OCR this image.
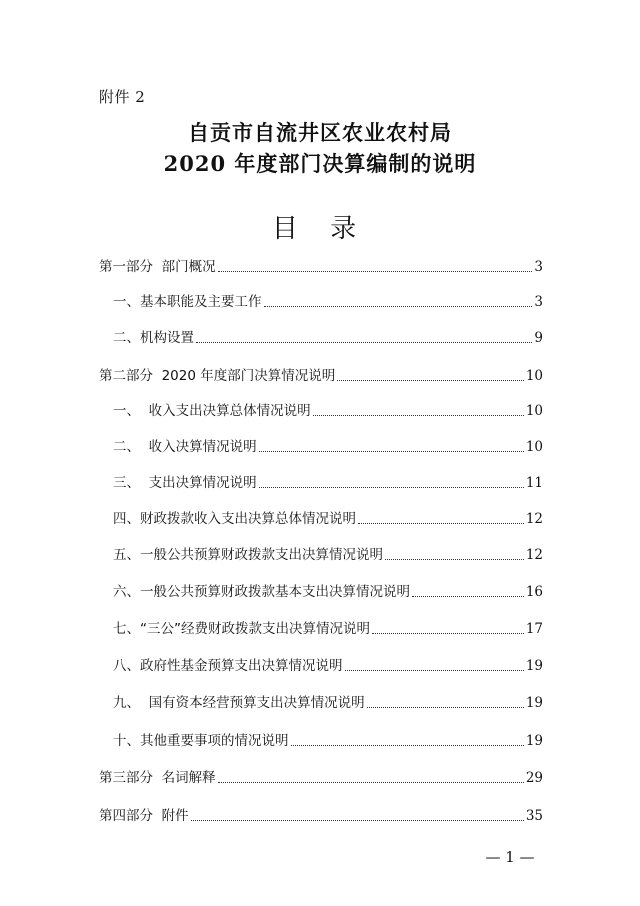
附件 2
自贡市自流井区农业农村局
2020 年度部门决算编制的说明
目 录
第一部分  部门概况	3
一、基本职能及主要工作	3
二、机构设置	9
第二部分  2020 年度部门决算情况说明	10
一、  收入支出决算总体情况说明	10
二、  收入决算情况说明	10
三、  支出决算情况说明	11
四、财政拨款收入支出决算总体情况说明	12
五、一般公共预算财政拨款支出决算情况说明	12
六、一般公共预算财政拨款基本支出决算情况说明	16
七、“三公”经费财政拨款支出决算情况说明	17
八、政府性基金预算支出决算情况说明	19
九、  国有资本经营预算支出决算情况说明	19
十、其他重要事项的情况说明	19
第三部分  名词解释	29
第四部分  附件	35
— 1 —
